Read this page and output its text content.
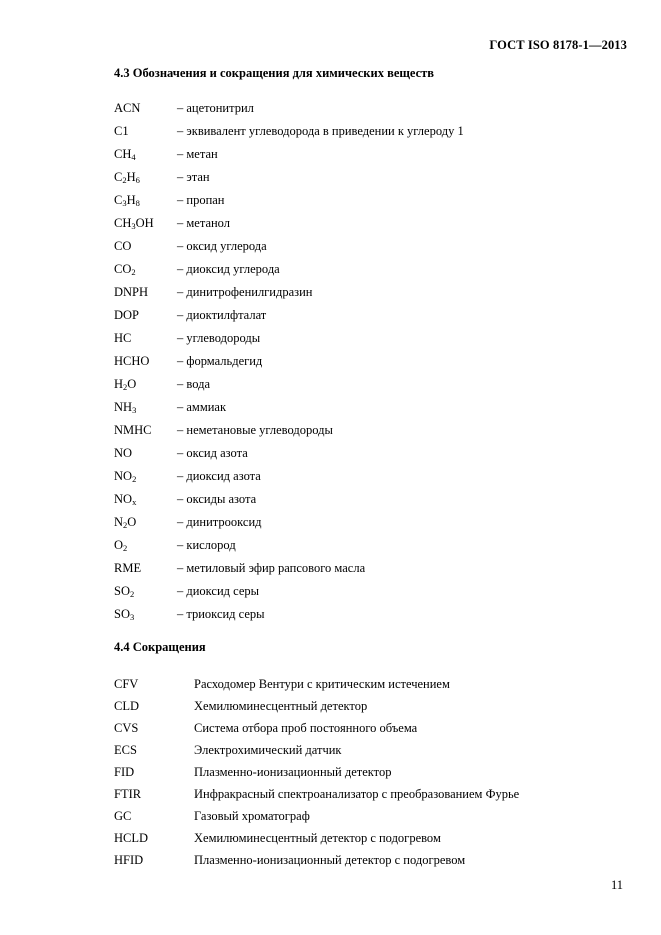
ГОСТ ISO 8178-1—2013
4.3 Обозначения и сокращения для химических веществ
ACN	– ацетонитрил
C1	– эквивалент углеводорода в приведении к углероду 1
$CH_4$	– метан
$C_2H_6$	– этан
$C_3H_8$	– пропан
$CH_3OH$ – метанол
CO	– оксид углерода
$CO_2$	– диоксид углерода
DNPH – динитрофенилгидразин
DOP	– диоктилфталат
HC	– углеводороды
HCHO – формальдегид
$H_2O$	– вода
$NH_3$	– аммиак
NMHC – неметановые углеводороды
NO	– оксид азота
$NO_2$	– диоксид азота
$NO_x$	– оксиды азота
$N_2O$	– динитрооксид
$O_2$	– кислород
RME	– метиловый эфир рапсового масла
$SO_2$	– диоксид серы
$SO_3$	– триоксид серы
4.4 Сокращения
CFV	Расходомер Вентури с критическим истечением
CLD	Хемилюминесцентный детектор
CVS	Система отбора проб постоянного объема
ECS	Электрохимический датчик
FID	Плазменно-ионизационный детектор
FTIR	Инфракрасный спектроанализатор с преобразованием Фурье
GC	Газовый хроматограф
HCLD	Хемилюминесцентный детектор с подогревом
HFID	Плазменно-ионизационный детектор с подогревом
11
